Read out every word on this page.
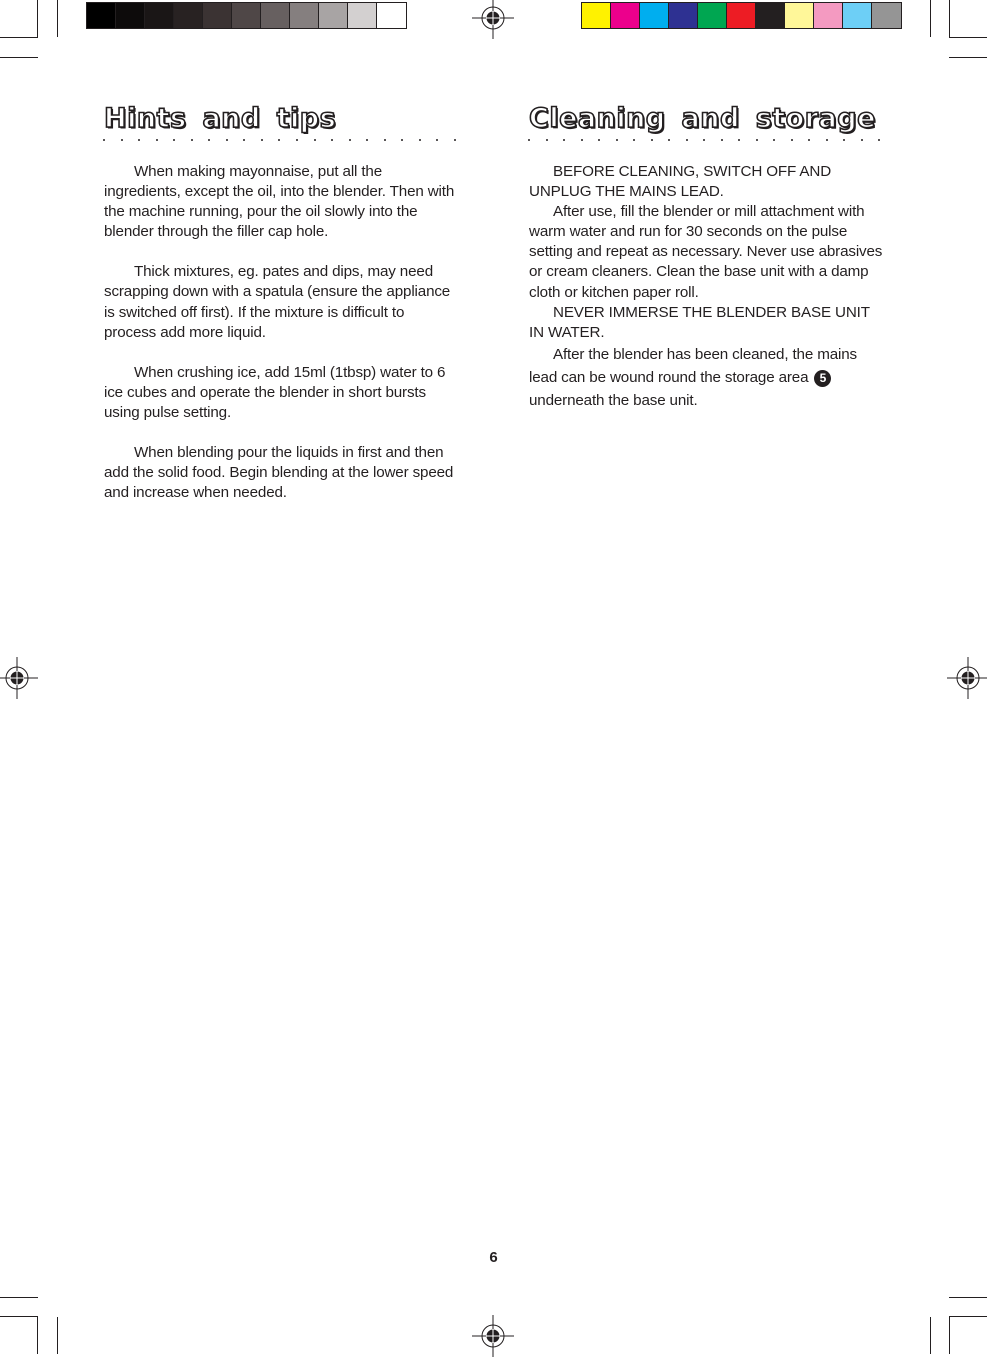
Hints and tips

When making mayonnaise, put all the ingredients, except the oil, into the blender. Then with the machine running, pour the oil slowly into the blender through the filler cap hole.

Thick mixtures, eg. pates and dips, may need scrapping down with a spatula (ensure the appliance is switched off first). If the mixture is difficult to process add more liquid.

When crushing ice, add 15ml (1tbsp) water to 6 ice cubes and operate the blender in short bursts using pulse setting.

When blending pour the liquids in first and then add the solid food. Begin blending at the lower speed and increase when needed.

Cleaning and storage

BEFORE CLEANING, SWITCH OFF AND UNPLUG THE MAINS LEAD.

After use, fill the blender or mill attachment with warm water and run for 30 seconds on the pulse setting and repeat as necessary. Never use abrasives or cream cleaners. Clean the base unit with a damp cloth or kitchen paper roll.

NEVER IMMERSE THE BLENDER BASE UNIT IN WATER.

After the blender has been cleaned, the mains lead can be wound round the storage area 5
underneath the base unit.

6
